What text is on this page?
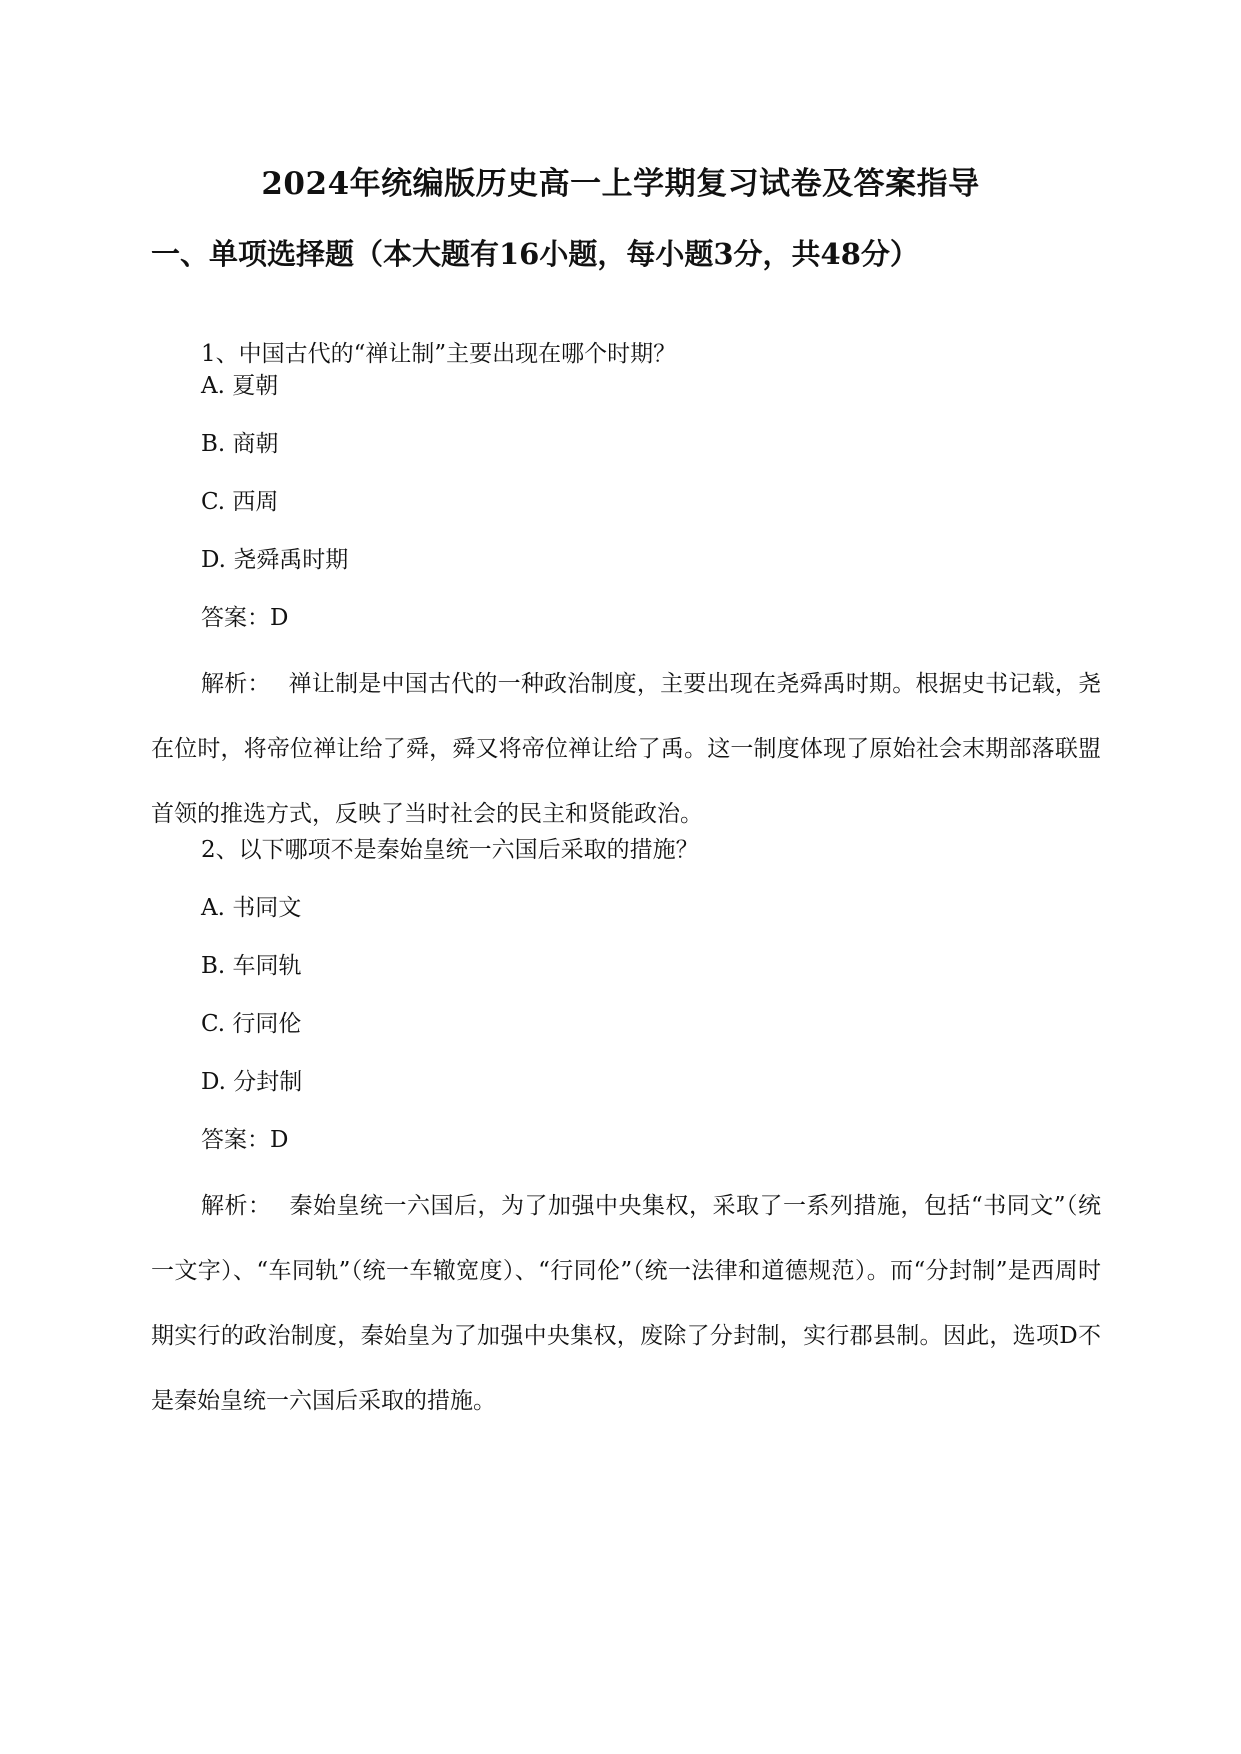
2024年统编版历史高一上学期复习试卷及答案指导
一、单项选择题（本大题有16小题，每小题3分，共48分）
1、中国古代的“禅让制”主要出现在哪个时期？
A. 夏朝
B. 商朝
C. 西周
D. 尧舜禹时期
答案：D
解析： 禅让制是中国古代的一种政治制度，主要出现在尧舜禹时期。根据史书记载，尧在位时，将帝位禅让给了舜，舜又将帝位禅让给了禹。这一制度体现了原始社会末期部落联盟首领的推选方式，反映了当时社会的民主和贤能政治。
2、以下哪项不是秦始皇统一六国后采取的措施？
A. 书同文
B. 车同轨
C. 行同伦
D. 分封制
答案：D
解析： 秦始皇统一六国后，为了加强中央集权，采取了一系列措施，包括“书同文”（统一文字）、“车同轨”（统一车辙宽度）、“行同伦”（统一法律和道德规范）。而“分封制”是西周时期实行的政治制度，秦始皇为了加强中央集权，废除了分封制，实行郡县制。因此，选项D不是秦始皇统一六国后采取的措施。
